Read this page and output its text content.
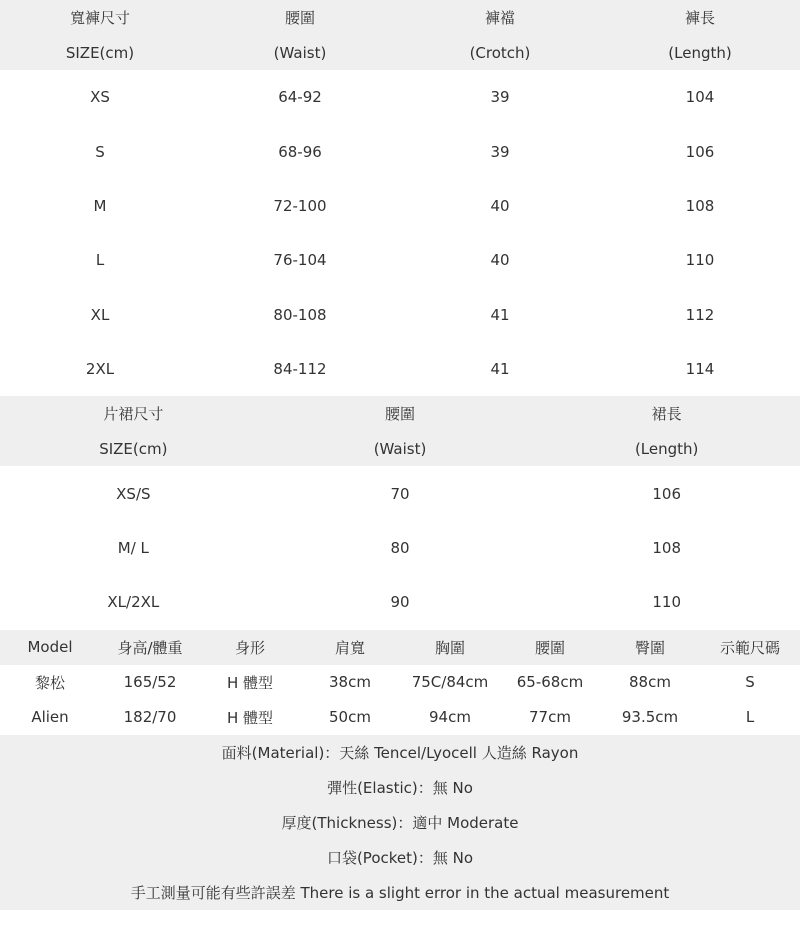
寬褲尺寸	腰圍	褲襠	褲長
SIZE(cm)	(Waist)	(Crotch)	(Length)
XS	64-92	39	104
S	68-96	39	106
M	72-100	40	108
L	76-104	40	110
XL	80-108	41	112
2XL	84-112	41	114
片裙尺寸	腰圍	裙長
SIZE(cm)	(Waist)	(Length)
XS/S	70	106
M/ L	80	108
XL/2XL	90	110
Model	身高/體重	身形	肩寬	胸圍	腰圍	臀圍	示範尺碼
黎松	165/52	H 體型	38cm	75C/84cm	65-68cm	88cm	S
Alien	182/70	H 體型	50cm	94cm	77cm	93.5cm	L
面料(Material)：天絲 Tencel/Lyocell 人造絲 Rayon
彈性(Elastic)：無 No
厚度(Thickness)：適中 Moderate
口袋(Pocket)：無 No
手工測量可能有些許誤差 There is a slight error in the actual measurement
